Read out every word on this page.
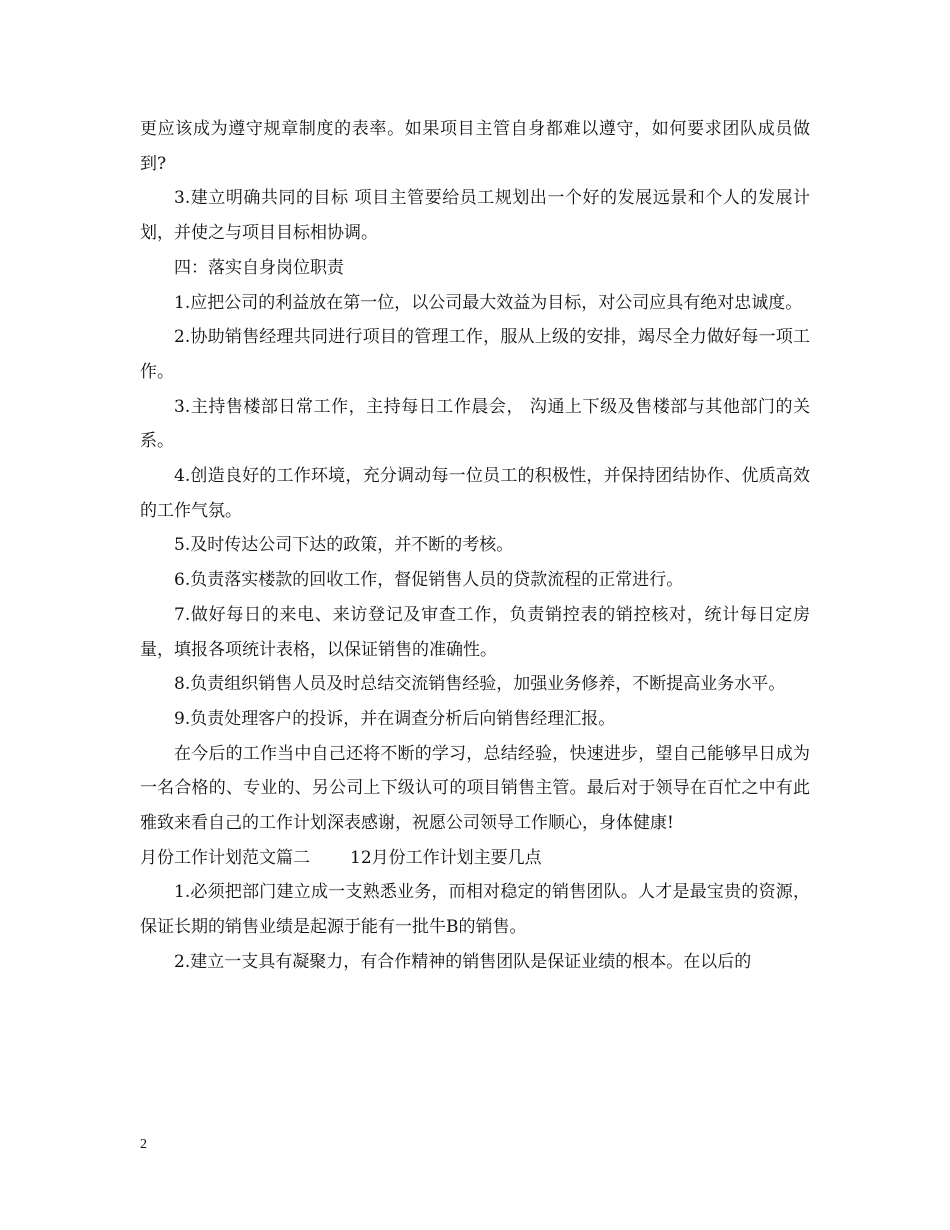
更应该成为遵守规章制度的表率。如果项目主管自身都难以遵守，如何要求团队成员做到?

3.建立明确共同的目标 项目主管要给员工规划出一个好的发展远景和个人的发展计划，并使之与项目目标相协调。

四：落实自身岗位职责

1.应把公司的利益放在第一位，以公司最大效益为目标，对公司应具有绝对忠诚度。

2.协助销售经理共同进行项目的管理工作，服从上级的安排，竭尽全力做好每一项工作。

3.主持售楼部日常工作，主持每日工作晨会， 沟通上下级及售楼部与其他部门的关系。

4.创造良好的工作环境，充分调动每一位员工的积极性，并保持团结协作、优质高效的工作气氛。

5.及时传达公司下达的政策，并不断的考核。

6.负责落实楼款的回收工作，督促销售人员的贷款流程的正常进行。

7.做好每日的来电、来访登记及审查工作，负责销控表的销控核对，统计每日定房量，填报各项统计表格，以保证销售的准确性。

8.负责组织销售人员及时总结交流销售经验，加强业务修养，不断提高业务水平。

9.负责处理客户的投诉，并在调查分析后向销售经理汇报。

在今后的工作当中自己还将不断的学习，总结经验，快速进步，望自己能够早日成为一名合格的、专业的、另公司上下级认可的项目销售主管。最后对于领导在百忙之中有此雅致来看自己的工作计划深表感谢，祝愿公司领导工作顺心，身体健康!

月份工作计划范文篇二 12月份工作计划主要几点

1.必须把部门建立成一支熟悉业务，而相对稳定的销售团队。人才是最宝贵的资源，保证长期的销售业绩是起源于能有一批牛B的销售。

2.建立一支具有凝聚力，有合作精神的销售团队是保证业绩的根本。在以后的

2
